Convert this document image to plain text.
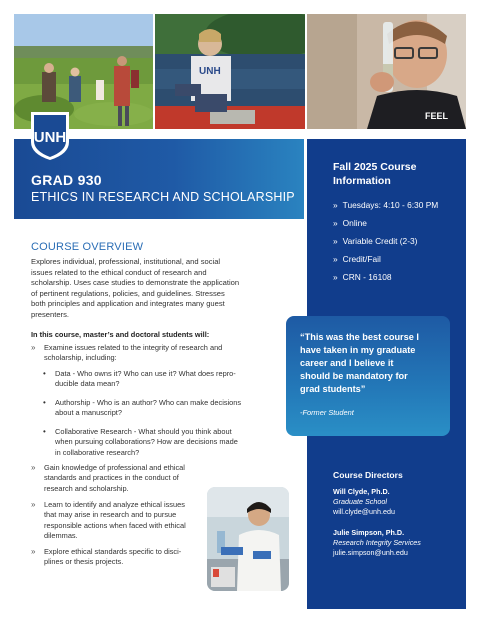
UNH
FEEL
UNH
GRAD 930
ETHICS IN RESEARCH AND SCHOLARSHIP
COURSE OVERVIEW
Explores individual, professional, institutional, and social
issues related to the ethical conduct of research and
scholarship. Uses case studies to demonstrate the application
of pertinent regulations, policies, and guidelines. Stresses
both principles and application and integrates many guest
presenters.
In this course, master’s and doctoral students will:
» Examine issues related to the integrity of research and
scholarship, including:
• Data - Who owns it? Who can use it? What does repro-
ducible data mean?
• Authorship - Who is an author? Who can make decisions
about a manuscript?
• Collaborative Research - What should you think about
when pursuing collaborations? How are decisions made
in collaborative research?
» Gain knowledge of professional and ethical
standards and practices in the conduct of
research and scholarship.
» Learn to identify and analyze ethical issues
that may arise in research and to pursue
responsible actions when faced with ethical
dilemmas.
» Explore ethical standards specific to disci-
plines or thesis projects.
Fall 2025 Course
Information
» Tuesdays: 4:10 - 6:30 PM
» Online
» Variable Credit (2-3)
» Credit/Fail
» CRN - 16108
“This was the best course I
have taken in my graduate
career and I believe it
should be mandatory for
grad students”
-Former Student
Course Directors
Will Clyde, Ph.D.
Graduate School
will.clyde@unh.edu
Julie Simpson, Ph.D.
Research Integrity Services
julie.simpson@unh.edu
